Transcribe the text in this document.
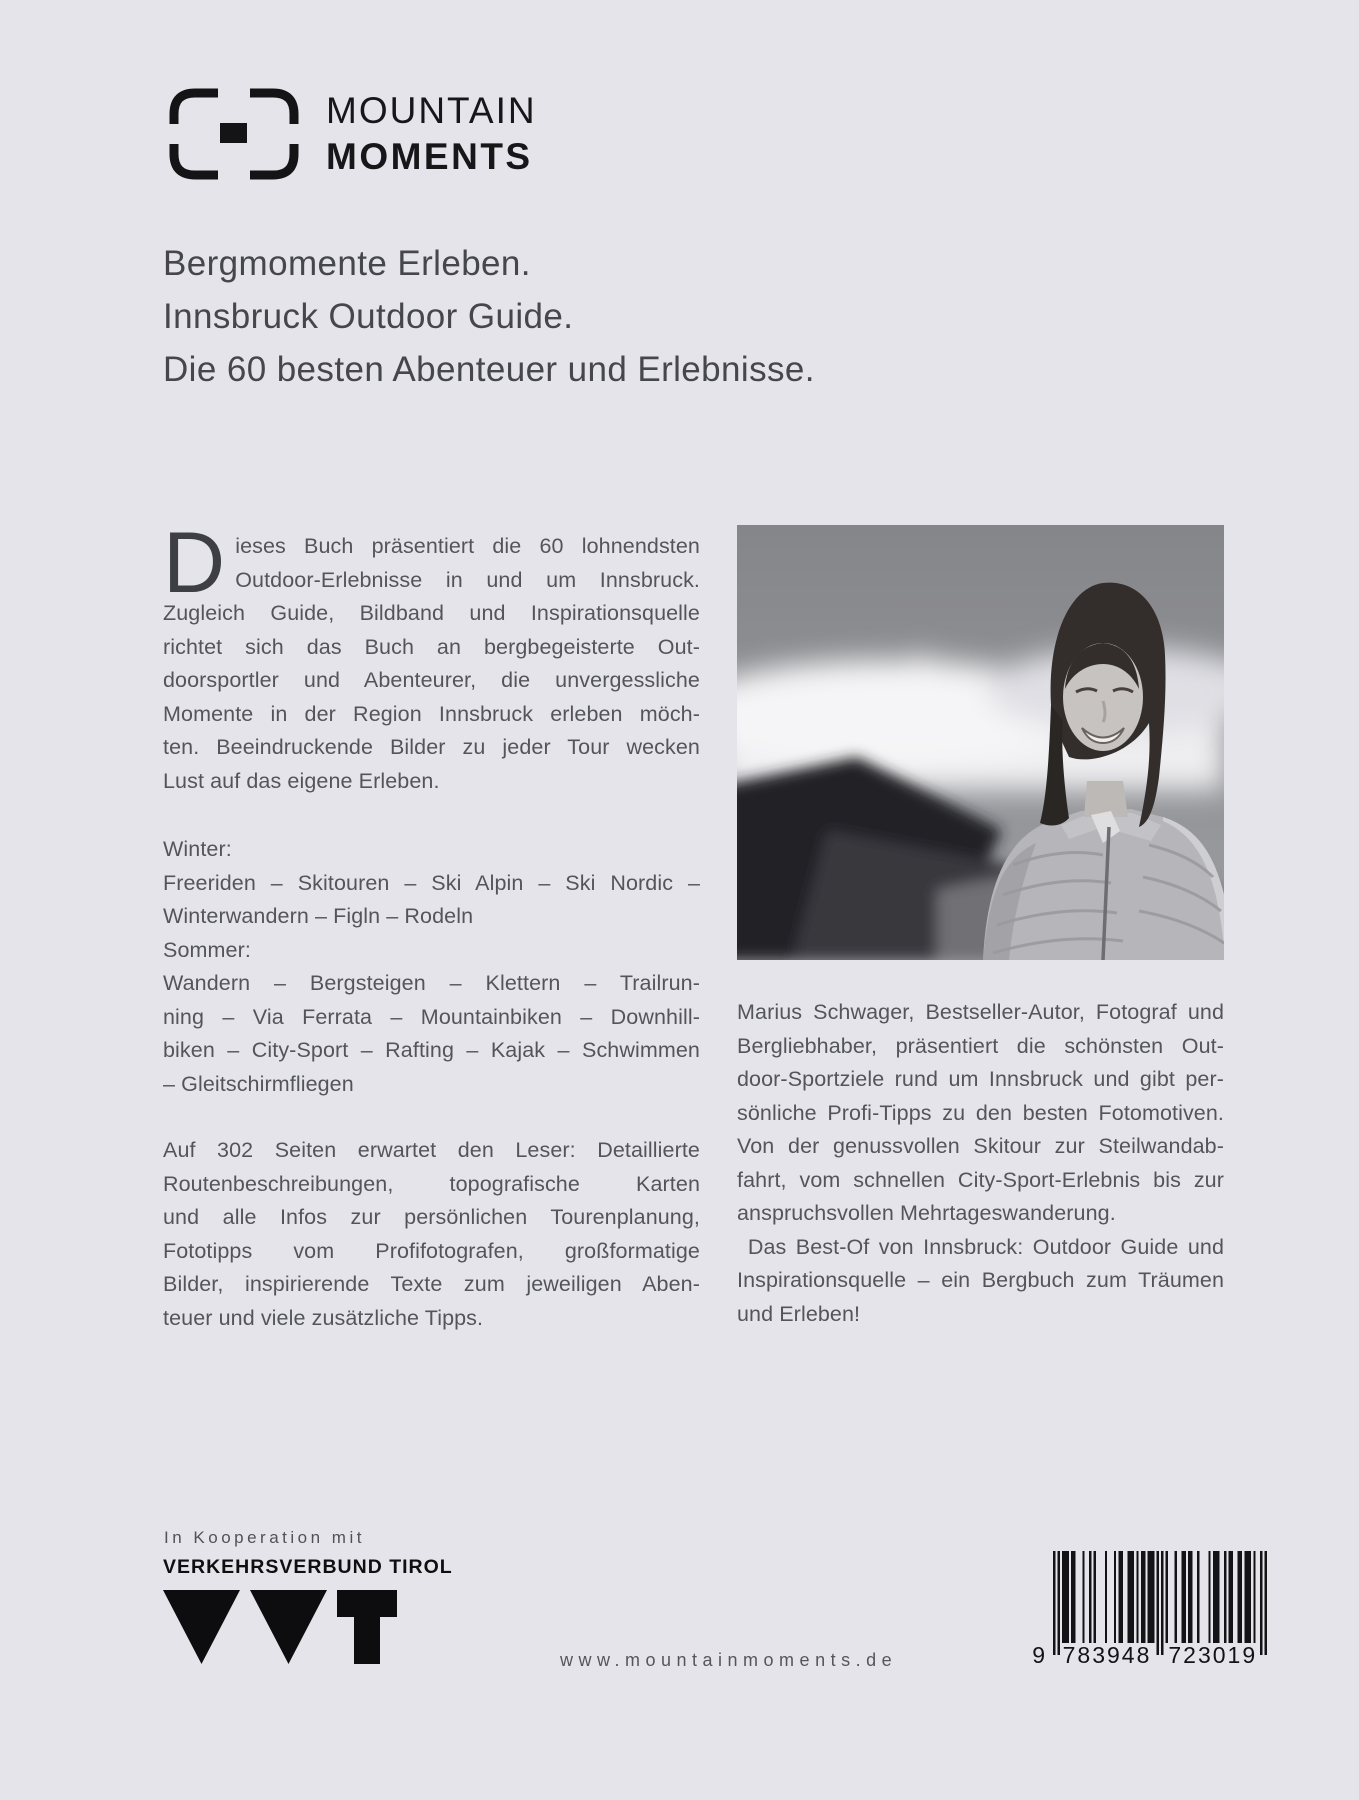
MOUNTAIN
MOMENTS
Bergmomente Erleben.
Innsbruck Outdoor Guide.
Die 60 besten Abenteuer und Erlebnisse.
D ieses Buch präsentiert die 60 lohnendsten
Outdoor-Erlebnisse in und um Innsbruck.
Zugleich Guide, Bildband und Inspirationsquelle
richtet sich das Buch an bergbegeisterte Out-
doorsportler und Abenteurer, die unvergessliche
Momente in der Region Innsbruck erleben möch-
ten. Beeindruckende Bilder zu jeder Tour wecken
Lust auf das eigene Erleben.
Winter:
Freeriden – Skitouren – Ski Alpin – Ski Nordic –
Winterwandern – Figln – Rodeln
Sommer:
Wandern – Bergsteigen – Klettern – Trailrun-
ning – Via Ferrata – Mountainbiken – Downhill-
biken – City-Sport – Rafting – Kajak – Schwimmen
– Gleitschirmfliegen
Auf 302 Seiten erwartet den Leser: Detaillierte
Routenbeschreibungen, topografische Karten
und alle Infos zur persönlichen Tourenplanung,
Fototipps vom Profifotografen, großformatige
Bilder, inspirierende Texte zum jeweiligen Aben-
teuer und viele zusätzliche Tipps.
Marius Schwager, Bestseller-Autor, Fotograf und
Bergliebhaber, präsentiert die schönsten Out-
door-Sportziele rund um Innsbruck und gibt per-
sönliche Profi-Tipps zu den besten Fotomotiven.
Von der genussvollen Skitour zur Steilwandab-
fahrt, vom schnellen City-Sport-Erlebnis bis zur
anspruchsvollen Mehrtageswanderung.
 Das Best-Of von Innsbruck: Outdoor Guide und
Inspirationsquelle – ein Bergbuch zum Träumen
und Erleben!
In Kooperation mit
VERKEHRSVERBUND TIROL
www.mountainmoments.de	9 783948 723019
